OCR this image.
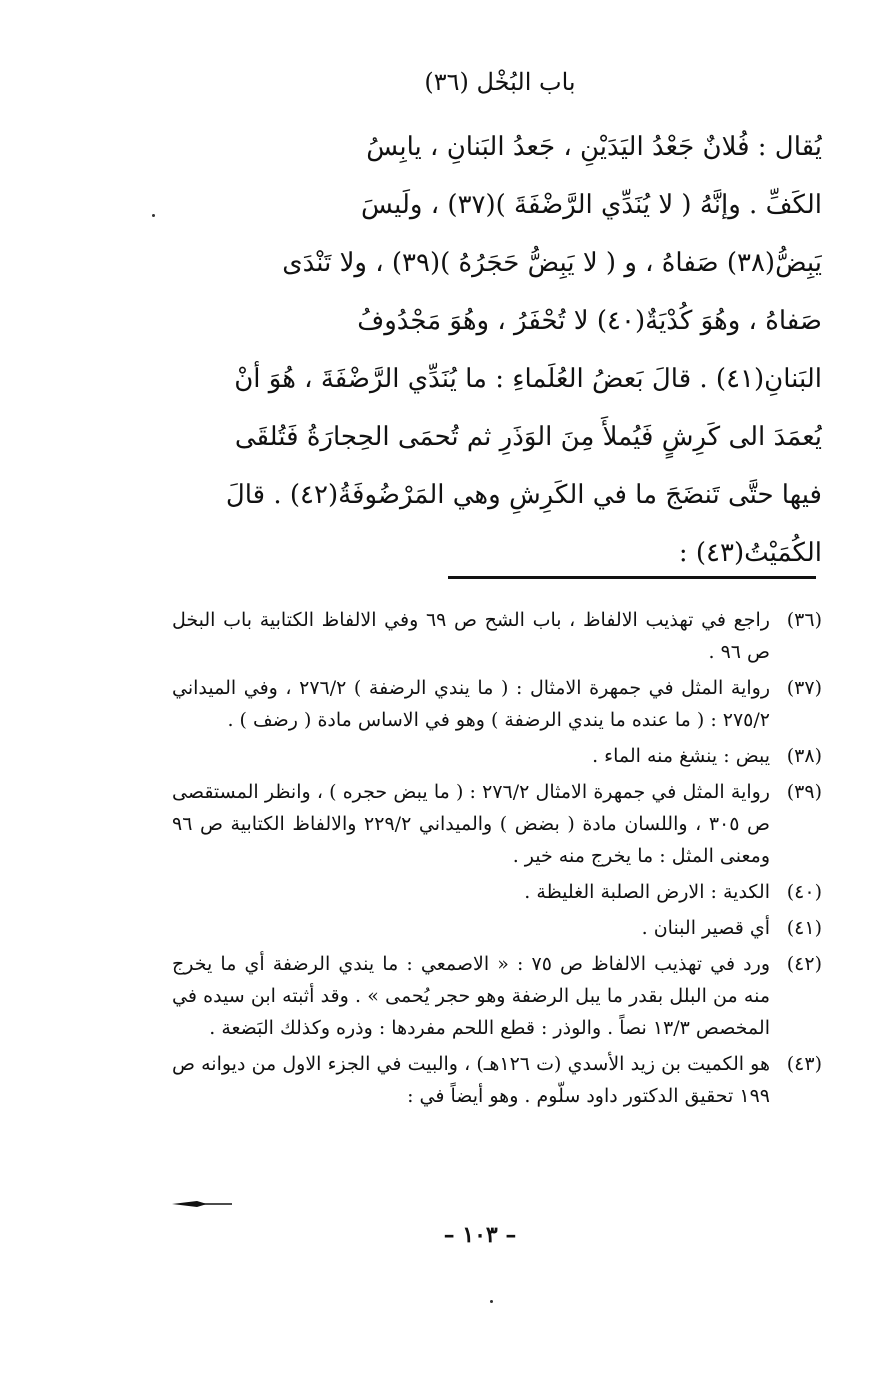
باب البُخْل (٣٦)
يُقال : فُلانٌ جَعْدُ اليَدَيْنِ ، جَعدُ البَنانِ ، يابِسُ
الكَفِّ . وإنَّهُ ( لا يُنَدِّي الرَّضْفَةَ )(٣٧) ، ولَيسَ
يَبِضُّ(٣٨) صَفاهُ ، و ( لا يَبِضُّ حَجَرُهُ )(٣٩) ، ولا تَنْدَى
صَفاهُ ، وهُوَ كُدْيَةٌ(٤٠) لا تُحْفَرُ ، وهُوَ مَجْدُوفُ
البَنانِ(٤١) . قالَ بَعضُ العُلَماءِ : ما يُنَدِّي الرَّضْفَةَ ، هُوَ أنْ
يُعمَدَ الى كَرِشٍ فَيُملأَ مِنَ الوَذَرِ ثم تُحمَى الحِجارَةُ فَتُلقَى
فيها حتَّى تَنضَجَ ما في الكَرِشِ وهي المَرْضُوفَةُ(٤٢) . قالَ
الكُمَيْتُ(٤٣) :
(٣٦)
راجع في تهذيب الالفاظ ، باب الشح ص ٦٩ وفي الالفاظ الكتابية باب البخل ص ٩٦ .
(٣٧)
رواية المثل في جمهرة الامثال : ( ما يندي الرضفة ) ٢٧٦/٢ ، وفي الميداني ٢٧٥/٢ : ( ما عنده ما يندي الرضفة ) وهو في الاساس مادة ( رضف ) .
(٣٨)
يبض : ينشغ منه الماء .
(٣٩)
رواية المثل في جمهرة الامثال ٢٧٦/٢ : ( ما يبض حجره ) ، وانظر المستقصى ص ٣٠٥ ، واللسان مادة ( بضض ) والميداني ٢٢٩/٢ والالفاظ الكتابية ص ٩٦ ومعنى المثل : ما يخرج منه خير .
(٤٠)
الكدية : الارض الصلبة الغليظة .
(٤١)
أي قصير البنان .
(٤٢)
ورد في تهذيب الالفاظ ص ٧٥ : « الاصمعي : ما يندي الرضفة أي ما يخرج منه من البلل بقدر ما يبل الرضفة وهو حجر يُحمى » . وقد أثبته ابن سيده في المخصص ١٣/٣ نصاً . والوذر : قطع اللحم مفردها : وذره وكذلك البَضعة .
(٤٣)
هو الكميت بن زيد الأسدي (ت ١٢٦هـ) ، والبيت في الجزء الاول من ديوانه ص ١٩٩ تحقيق الدكتور داود سلّوم . وهو أيضاً في :
– ١٠٣ –
